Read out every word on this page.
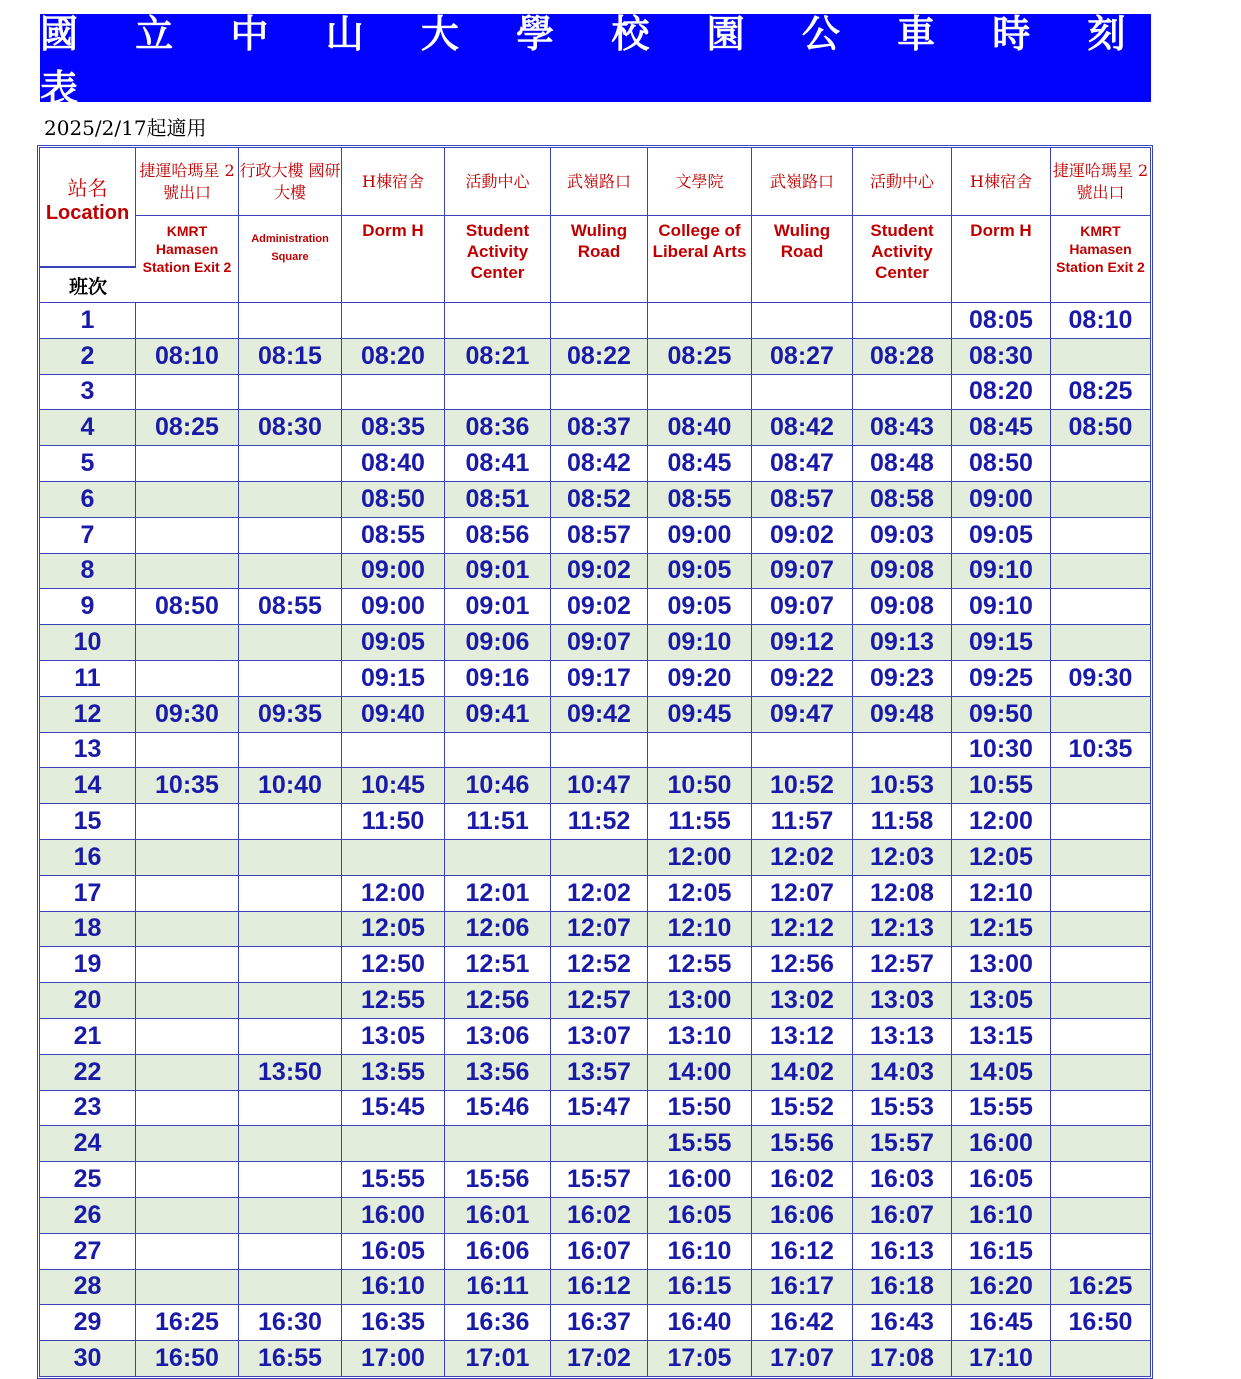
國 立 中 山 大 學 校 園 公 車 時 刻 表
2025/2/17起適用
站名
Location	捷運哈瑪星 2號出口	行政大樓 國研大樓	H棟宿舍	活動中心	武嶺路口	文學院	武嶺路口	活動中心	H棟宿舍	捷運哈瑪星 2號出口
	KMRT Hamasen Station Exit 2	Administration Square	Dorm H	Student Activity Center	Wuling Road	College of Liberal Arts	Wuling Road	Student Activity Center	Dorm H	KMRT Hamasen Station Exit 2
班次										
1									08:05	08:10
2	08:10	08:15	08:20	08:21	08:22	08:25	08:27	08:28	08:30	
3									08:20	08:25
4	08:25	08:30	08:35	08:36	08:37	08:40	08:42	08:43	08:45	08:50
5			08:40	08:41	08:42	08:45	08:47	08:48	08:50	
6			08:50	08:51	08:52	08:55	08:57	08:58	09:00	
7			08:55	08:56	08:57	09:00	09:02	09:03	09:05	
8			09:00	09:01	09:02	09:05	09:07	09:08	09:10	
9	08:50	08:55	09:00	09:01	09:02	09:05	09:07	09:08	09:10	
10			09:05	09:06	09:07	09:10	09:12	09:13	09:15	
11			09:15	09:16	09:17	09:20	09:22	09:23	09:25	09:30
12	09:30	09:35	09:40	09:41	09:42	09:45	09:47	09:48	09:50	
13									10:30	10:35
14	10:35	10:40	10:45	10:46	10:47	10:50	10:52	10:53	10:55	
15			11:50	11:51	11:52	11:55	11:57	11:58	12:00	
16						12:00	12:02	12:03	12:05	
17			12:00	12:01	12:02	12:05	12:07	12:08	12:10	
18			12:05	12:06	12:07	12:10	12:12	12:13	12:15	
19			12:50	12:51	12:52	12:55	12:56	12:57	13:00	
20			12:55	12:56	12:57	13:00	13:02	13:03	13:05	
21			13:05	13:06	13:07	13:10	13:12	13:13	13:15	
22		13:50	13:55	13:56	13:57	14:00	14:02	14:03	14:05	
23			15:45	15:46	15:47	15:50	15:52	15:53	15:55	
24						15:55	15:56	15:57	16:00	
25			15:55	15:56	15:57	16:00	16:02	16:03	16:05	
26			16:00	16:01	16:02	16:05	16:06	16:07	16:10	
27			16:05	16:06	16:07	16:10	16:12	16:13	16:15	
28			16:10	16:11	16:12	16:15	16:17	16:18	16:20	16:25
29	16:25	16:30	16:35	16:36	16:37	16:40	16:42	16:43	16:45	16:50
30	16:50	16:55	17:00	17:01	17:02	17:05	17:07	17:08	17:10	
